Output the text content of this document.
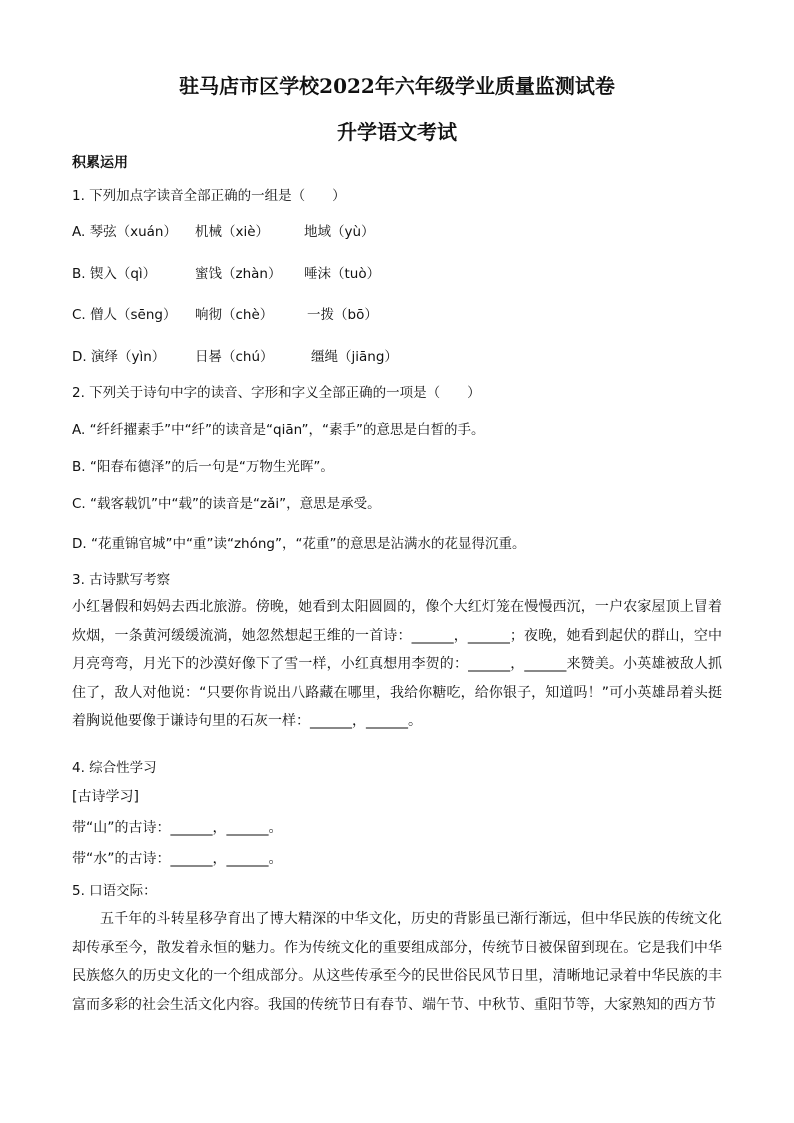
驻马店市区学校2022年六年级学业质量监测试卷
升学语文考试
积累运用
1. 下列加点字读音全部正确的一组是（　　）
A. 琴弦（xuán） 机械（xiè）	地域（yù）
B. 锲入（qì）	蜜饯（zhàn） 唾沫（tuò）
C. 僧人（sēng） 响彻（chè） 一拨（bō）
D. 演绎（yìn） 日晷（chú）	缰绳（jiāng）
2. 下列关于诗句中字的读音、字形和字义全部正确的一项是（　　）
A. “纤纤擢素手”中“纤”的读音是“qiān”，“素手”的意思是白皙的手。
B. “阳春布德泽”的后一句是“万物生光晖”。
C. “载客载饥”中“载”的读音是“zǎi”，意思是承受。
D. “花重锦官城”中“重”读“zhóng”，“花重”的意思是沾满水的花显得沉重。
3. 古诗默写考察
小红暑假和妈妈去西北旅游。傍晚，她看到太阳圆圆的，像个大红灯笼在慢慢西沉，一户农家屋顶上冒着炊烟，一条黄河缓缓流淌，她忽然想起王维的一首诗：______，______；夜晚，她看到起伏的群山，空中月亮弯弯，月光下的沙漠好像下了雪一样，小红真想用李贺的：______，______来赞美。小英雄被敌人抓住了，敌人对他说：“只要你肯说出八路藏在哪里，我给你糖吃，给你银子，知道吗！”可小英雄昂着头挺着胸说他要像于谦诗句里的石灰一样：______，______。
4. 综合性学习
[古诗学习]
带“山”的古诗：______，______。
带“水”的古诗：______，______。
5. 口语交际：
五千年的斗转星移孕育出了博大精深的中华文化，历史的背影虽已渐行渐远，但中华民族的传统文化却传承至今，散发着永恒的魅力。作为传统文化的重要组成部分，传统节日被保留到现在。它是我们中华民族悠久的历史文化的一个组成部分。从这些传承至今的民世俗民风节日里，清晰地记录着中华民族的丰富而多彩的社会生活文化内容。我国的传统节日有春节、端午节、中秋节、重阳节等，大家熟知的西方节
